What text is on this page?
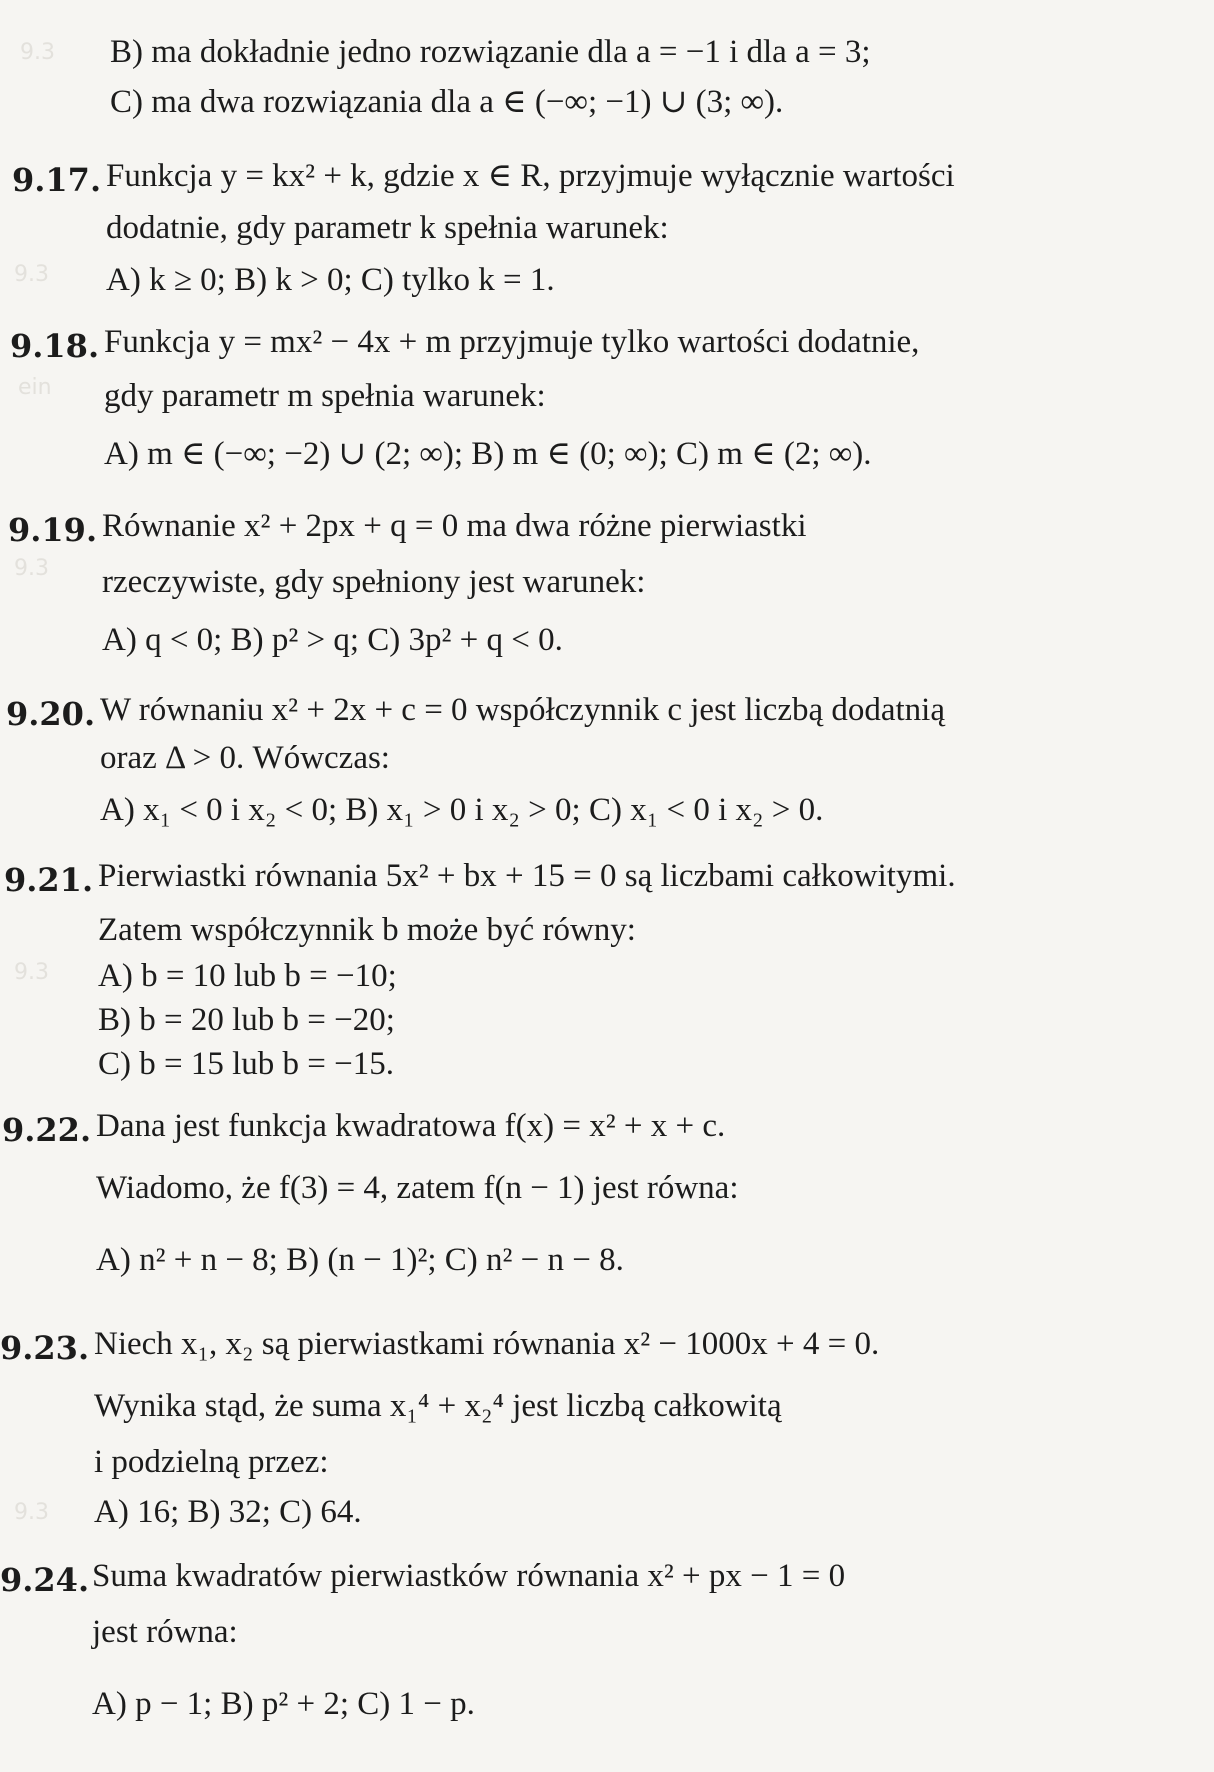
9.3
9.3
ein
9.3
9.3
9.3
B) ma dokładnie jedno rozwiązanie dla a = −1 i dla a = 3;
C) ma dwa rozwiązania dla a ∈ (−∞; −1) ∪ (3; ∞).
9.17. Funkcja y = kx² + k, gdzie x ∈ R, przyjmuje wyłącznie wartości
dodatnie, gdy parametr k spełnia warunek:
A) k ≥ 0; B) k > 0; C) tylko k = 1.
9.18. Funkcja y = mx² − 4x + m przyjmuje tylko wartości dodatnie,
gdy parametr m spełnia warunek:
A) m ∈ (−∞; −2) ∪ (2; ∞); B) m ∈ (0; ∞); C) m ∈ (2; ∞).
9.19. Równanie x² + 2px + q = 0 ma dwa różne pierwiastki
rzeczywiste, gdy spełniony jest warunek:
A) q < 0; B) p² > q; C) 3p² + q < 0.
9.20. W równaniu x² + 2x + c = 0 współczynnik c jest liczbą dodatnią
oraz Δ > 0. Wówczas:
A) x₁ < 0 i x₂ < 0; B) x₁ > 0 i x₂ > 0; C) x₁ < 0 i x₂ > 0.
9.21. Pierwiastki równania 5x² + bx + 15 = 0 są liczbami całkowitymi.
Zatem współczynnik b może być równy:
A) b = 10 lub b = −10;
B) b = 20 lub b = −20;
C) b = 15 lub b = −15.
9.22. Dana jest funkcja kwadratowa f(x) = x² + x + c.
Wiadomo, że f(3) = 4, zatem f(n − 1) jest równa:
A) n² + n − 8; B) (n − 1)²; C) n² − n − 8.
9.23. Niech x₁, x₂ są pierwiastkami równania x² − 1000x + 4 = 0.
Wynika stąd, że suma x₁⁴ + x₂⁴ jest liczbą całkowitą
i podzielną przez:
A) 16; B) 32; C) 64.
9.24. Suma kwadratów pierwiastków równania x² + px − 1 = 0
jest równa:
A) p − 1; B) p² + 2; C) 1 − p.
